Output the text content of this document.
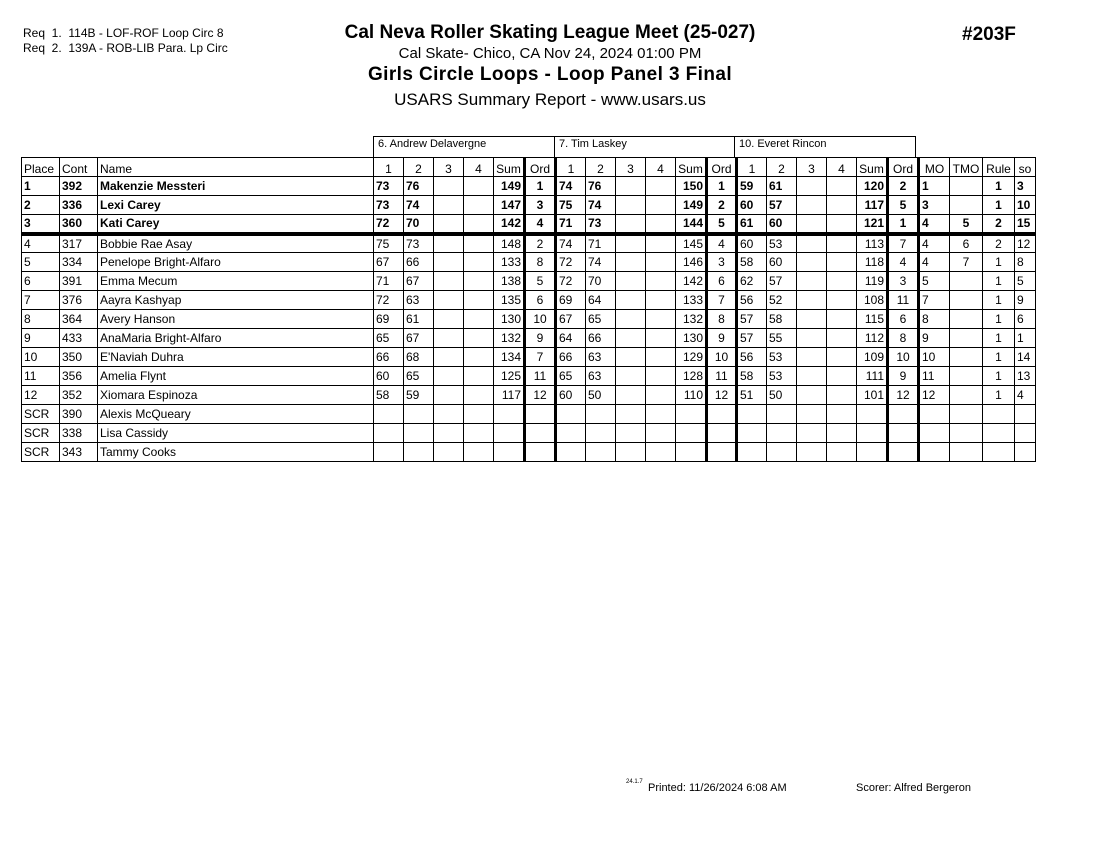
Req  1.  114B - LOF-ROF Loop Circ 8
Req  2.  139A - ROB-LIB Para. Lp Circ
Cal Neva Roller Skating League Meet (25-027)
Cal Skate- Chico, CA Nov 24, 2024 01:00 PM
Girls Circle Loops - Loop Panel 3 Final
USARS Summary Report - www.usars.us
#203F
6. Andrew Delavergne	7. Tim Laskey	10. Everet Rincon
Place	Cont	Name	1	2	3	4	Sum	Ord	1	2	3	4	Sum	Ord	1	2	3	4	Sum	Ord	MO	TMO	Rule	so
1	392	Makenzie Messteri	73	76			149	1	74	76			150	1	59	61			120	2	1		1	3
2	336	Lexi Carey	73	74			147	3	75	74			149	2	60	57			117	5	3		1	10
3	360	Kati Carey	72	70			142	4	71	73			144	5	61	60			121	1	4	5	2	15
4	317	Bobbie Rae Asay	75	73			148	2	74	71			145	4	60	53			113	7	4	6	2	12
5	334	Penelope Bright-Alfaro	67	66			133	8	72	74			146	3	58	60			118	4	4	7	1	8
6	391	Emma Mecum	71	67			138	5	72	70			142	6	62	57			119	3	5		1	5
7	376	Aayra Kashyap	72	63			135	6	69	64			133	7	56	52			108	11	7		1	9
8	364	Avery Hanson	69	61			130	10	67	65			132	8	57	58			115	6	8		1	6
9	433	AnaMaria Bright-Alfaro	65	67			132	9	64	66			130	9	57	55			112	8	9		1	1
10	350	E'Naviah Duhra	66	68			134	7	66	63			129	10	56	53			109	10	10		1	14
11	356	Amelia Flynt	60	65			125	11	65	63			128	11	58	53			111	9	11		1	13
12	352	Xiomara Espinoza	58	59			117	12	60	50			110	12	51	50			101	12	12		1	4
SCR	390	Alexis McQueary																						
SCR	338	Lisa Cassidy																						
SCR	343	Tammy Cooks																						
24.1.7 Printed: 11/26/2024 6:08 AM	Scorer: Alfred Bergeron
